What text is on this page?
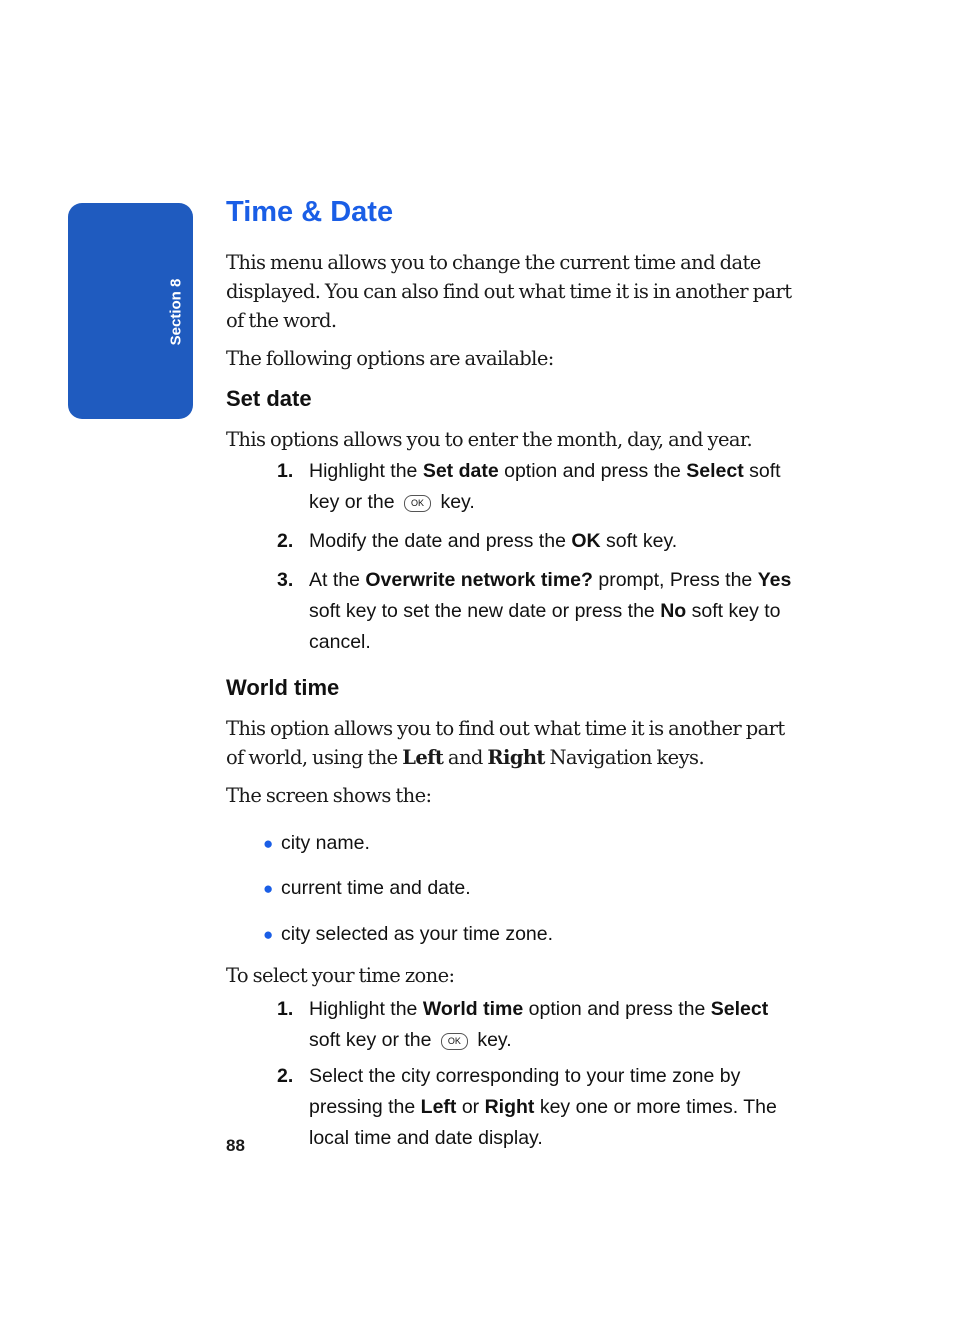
Section 8
Time & Date

This menu allows you to change the current time and date displayed. You can also find out what time it is in another part of the word.

The following options are available:

Set date

This options allows you to enter the month, day, and year.

1. Highlight the Set date option and press the Select soft key or the OK key.
2. Modify the date and press the OK soft key.
3. At the Overwrite network time? prompt, Press the Yes soft key to set the new date or press the No soft key to cancel.
World time

This option allows you to find out what time it is another part of world, using the Left and Right Navigation keys.

The screen shows the:

● city name.
● current time and date.
● city selected as your time zone.

To select your time zone:

1. Highlight the World time option and press the Select soft key or the OK key.
2. Select the city corresponding to your time zone by pressing the Left or Right key one or more times. The local time and date display.
88
